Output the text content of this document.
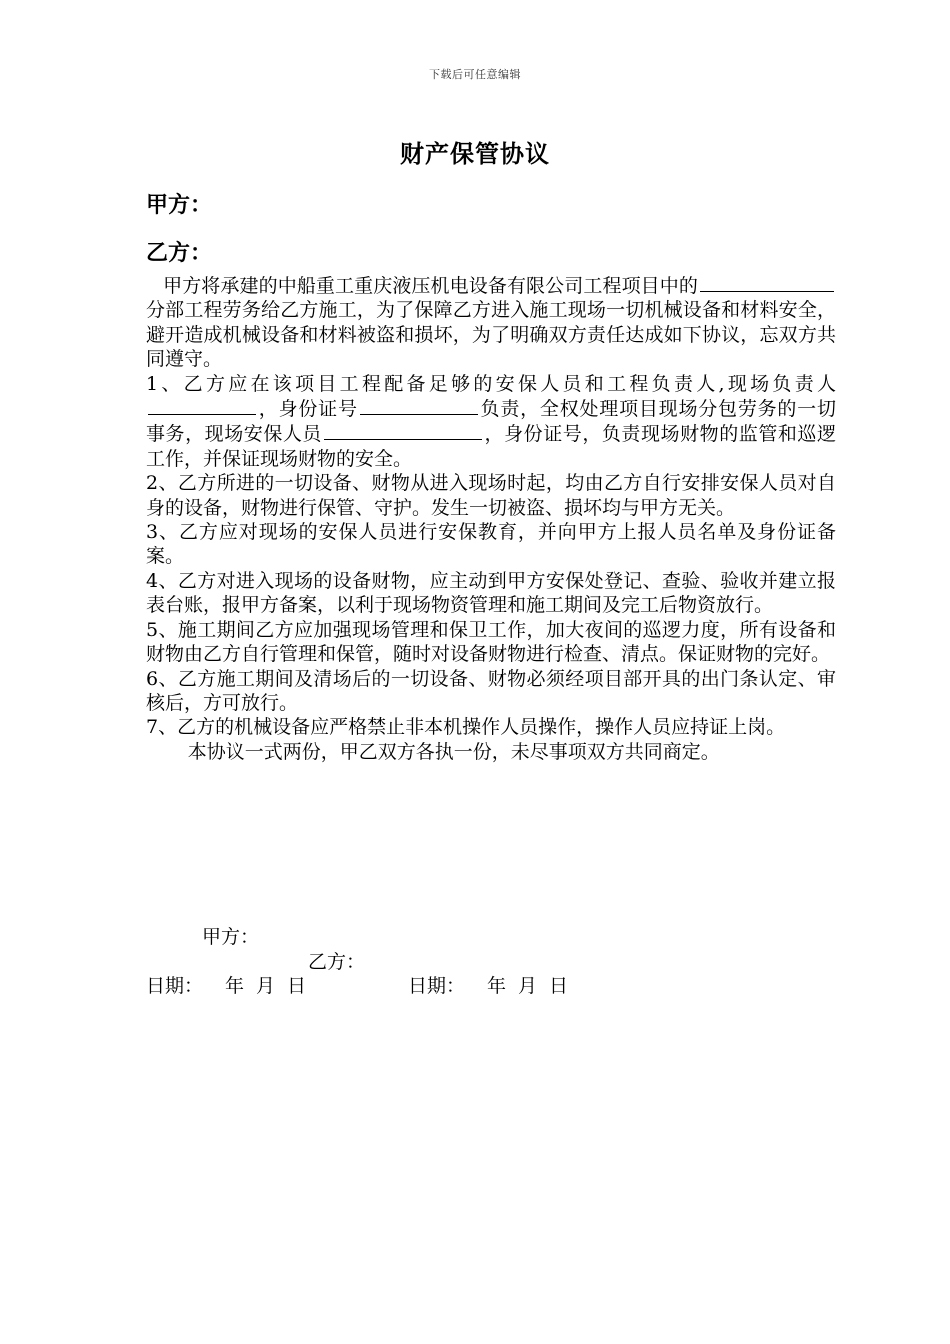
下载后可任意编辑
财产保管协议
甲方：
乙方：

甲方将承建的中船重工重庆液压机电设备有限公司工程项目中的分部工程劳务给乙方施工，为了保障乙方进入施工现场一切机械设备和材料安全，避开造成机械设备和材料被盗和损坏，为了明确双方责任达成如下协议，忘双方共同遵守。

1、乙方应在该项目工程配备足够的安保人员和工程负责人,现场负责人，身份证号	负责，全权处理项目现场分包劳务的一切事务，现场安保人员	，身份证号，负责现场财物的监管和巡逻工作，并保证现场财物的安全。

2、乙方所进的一切设备、财物从进入现场时起，均由乙方自行安排安保人员对自身的设备，财物进行保管、守护。发生一切被盗、损坏均与甲方无关。

3、乙方应对现场的安保人员进行安保教育，并向甲方上报人员名单及身份证备案。

4、乙方对进入现场的设备财物，应主动到甲方安保处登记、查验、验收并建立报表台账，报甲方备案，以利于现场物资管理和施工期间及完工后物资放行。

5、施工期间乙方应加强现场管理和保卫工作，加大夜间的巡逻力度，所有设备和财物由乙方自行管理和保管，随时对设备财物进行检查、清点。保证财物的完好。

6、乙方施工期间及清场后的一切设备、财物必须经项目部开具的出门条认定、审核后，方可放行。

7、乙方的机械设备应严格禁止非本机操作人员操作，操作人员应持证上岗。

本协议一式两份，甲乙双方各执一份，未尽事项双方共同商定。

甲方：
乙方：
日期： 年 月 日	日期： 年 月 日
